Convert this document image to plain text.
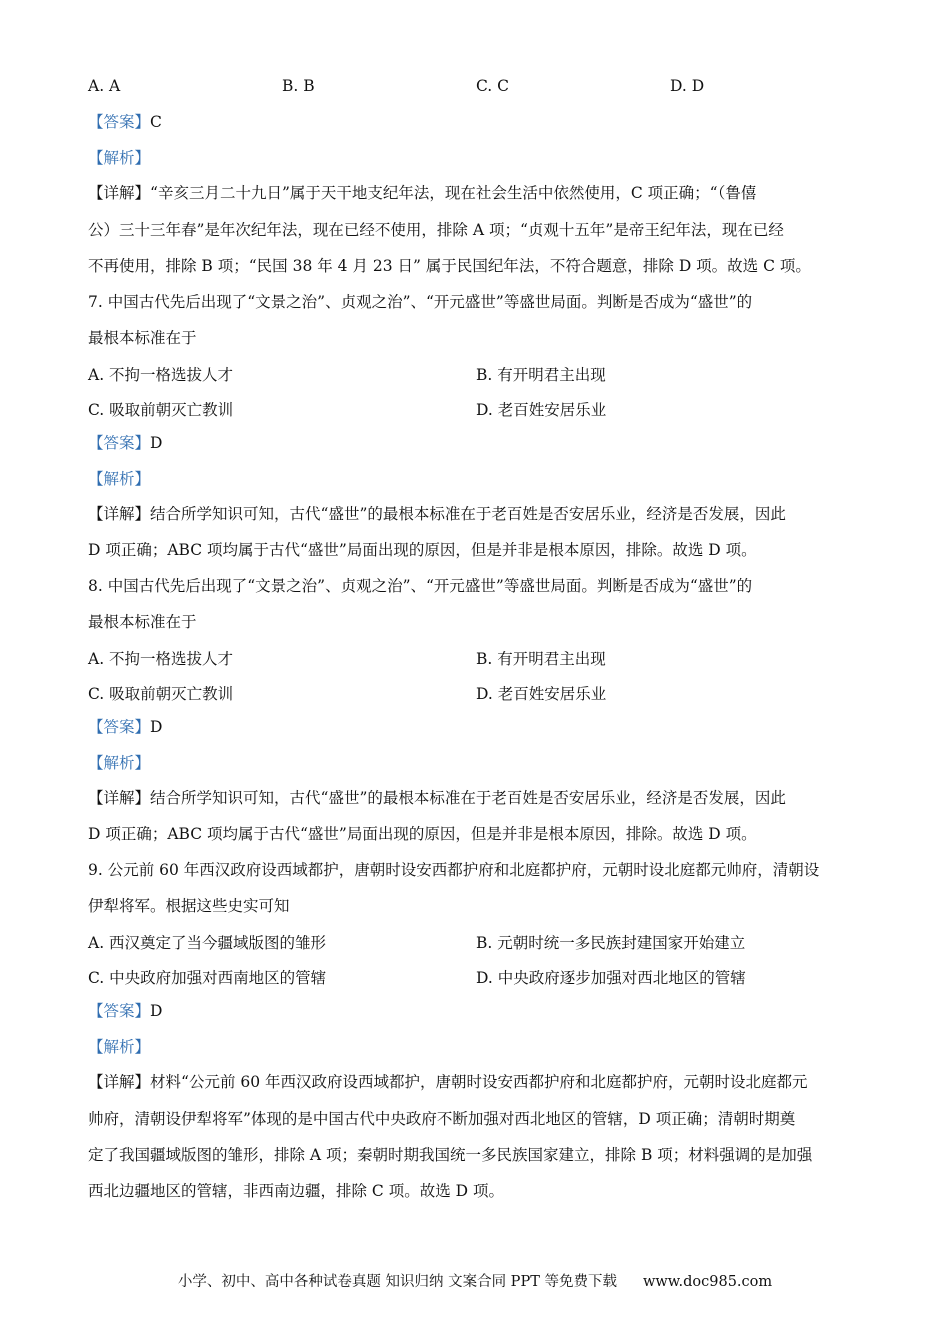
A. A	B. B	C. C	D. D
【答案】C
【解析】
【详解】“辛亥三月二十九日”属于天干地支纪年法，现在社会生活中依然使用，C 项正确；“（鲁僖
公）三十三年春”是年次纪年法，现在已经不使用，排除 A 项；“贞观十五年”是帝王纪年法，现在已经
不再使用，排除 B 项；“民国 38 年 4 月 23 日” 属于民国纪年法，不符合题意，排除 D 项。故选 C 项。
7. 中国古代先后出现了“文景之治”、贞观之治”、“开元盛世”等盛世局面。判断是否成为“盛世”的
最根本标准在于
A. 不拘一格选拔人才	B. 有开明君主出现
C. 吸取前朝灭亡教训	D. 老百姓安居乐业
【答案】D
【解析】
【详解】结合所学知识可知，古代“盛世”的最根本标准在于老百姓是否安居乐业，经济是否发展，因此
D 项正确；ABC 项均属于古代“盛世”局面出现的原因，但是并非是根本原因，排除。故选 D 项。
8. 中国古代先后出现了“文景之治”、贞观之治”、“开元盛世”等盛世局面。判断是否成为“盛世”的
最根本标准在于
A. 不拘一格选拔人才	B. 有开明君主出现
C. 吸取前朝灭亡教训	D. 老百姓安居乐业
【答案】D
【解析】
【详解】结合所学知识可知，古代“盛世”的最根本标准在于老百姓是否安居乐业，经济是否发展，因此
D 项正确；ABC 项均属于古代“盛世”局面出现的原因，但是并非是根本原因，排除。故选 D 项。
9. 公元前 60 年西汉政府设西域都护，唐朝时设安西都护府和北庭都护府，元朝时设北庭都元帅府，清朝设
伊犁将军。根据这些史实可知
A. 西汉奠定了当今疆域版图的雏形	B. 元朝时统一多民族封建国家开始建立
C. 中央政府加强对西南地区的管辖	D. 中央政府逐步加强对西北地区的管辖
【答案】D
【解析】
【详解】材料“公元前 60 年西汉政府设西域都护，唐朝时设安西都护府和北庭都护府，元朝时设北庭都元
帅府，清朝设伊犁将军”体现的是中国古代中央政府不断加强对西北地区的管辖，D 项正确；清朝时期奠
定了我国疆域版图的雏形，排除 A 项；秦朝时期我国统一多民族国家建立，排除 B 项；材料强调的是加强
西北边疆地区的管辖，非西南边疆，排除 C 项。故选 D 项。
小学、初中、高中各种试卷真题 知识归纳 文案合同 PPT 等免费下载 www.doc985.com
